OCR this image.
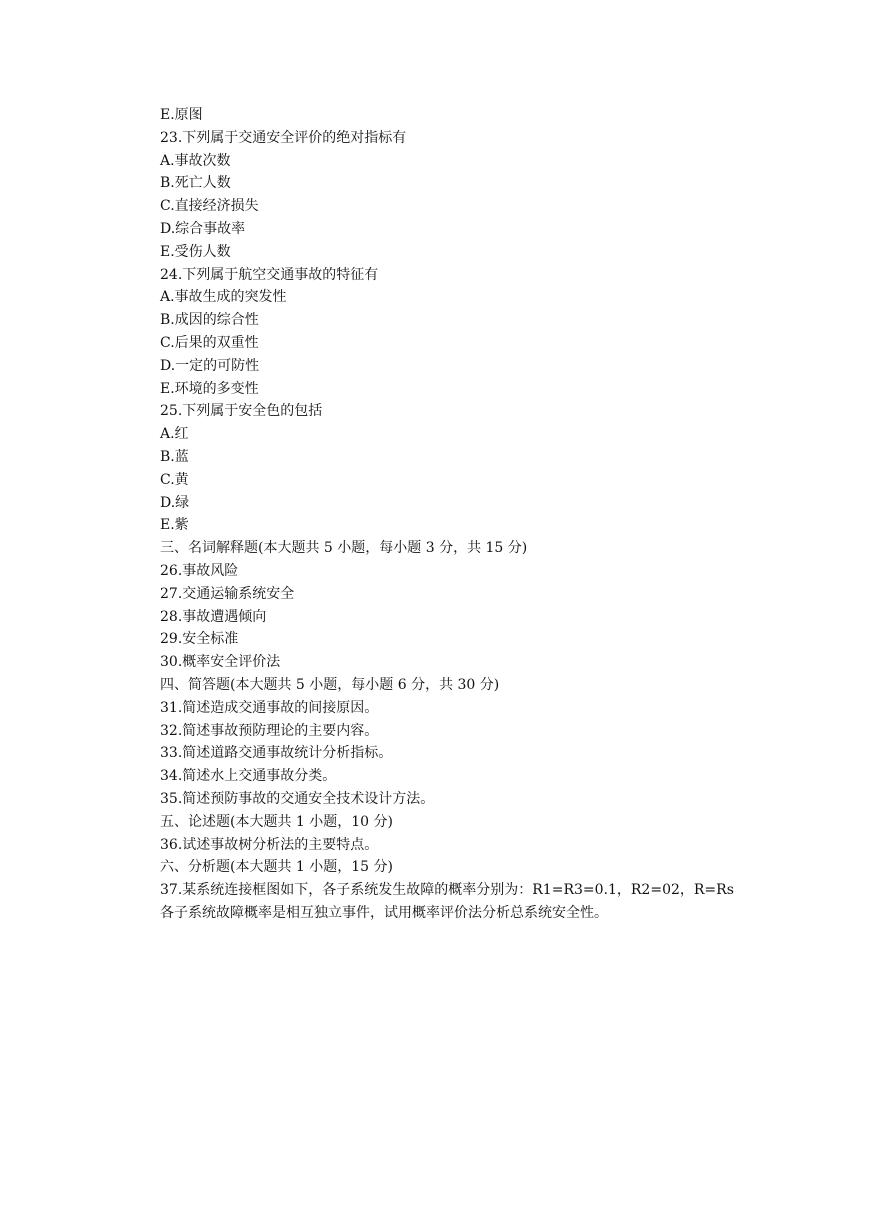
E.原图
23.下列属于交通安全评价的绝对指标有
A.事故次数
B.死亡人数
C.直接经济损失
D.综合事故率
E.受伤人数
24.下列属于航空交通事故的特征有
A.事故生成的突发性
B.成因的综合性
C.后果的双重性
D.一定的可防性
E.环境的多变性
25.下列属于安全色的包括
A.红
B.蓝
C.黄
D.绿
E.紫
三、名词解释题(本大题共 5 小题，每小题 3 分，共 15 分)
26.事故风险
27.交通运输系统安全
28.事故遭遇倾向
29.安全标准
30.概率安全评价法
四、简答题(本大题共 5 小题，每小题 6 分，共 30 分)
31.简述造成交通事故的间接原因。
32.简述事故预防理论的主要内容。
33.简述道路交通事故统计分析指标。
34.简述水上交通事故分类。
35.简述预防事故的交通安全技术设计方法。
五、论述题(本大题共 1 小题，10 分)
36.试述事故树分析法的主要特点。
六、分析题(本大题共 1 小题，15 分)
37.某系统连接框图如下，各子系统发生故障的概率分别为：R1=R3=0.1，R2=02，R=Rs
各子系统故障概率是相互独立事件，试用概率评价法分析总系统安全性。
